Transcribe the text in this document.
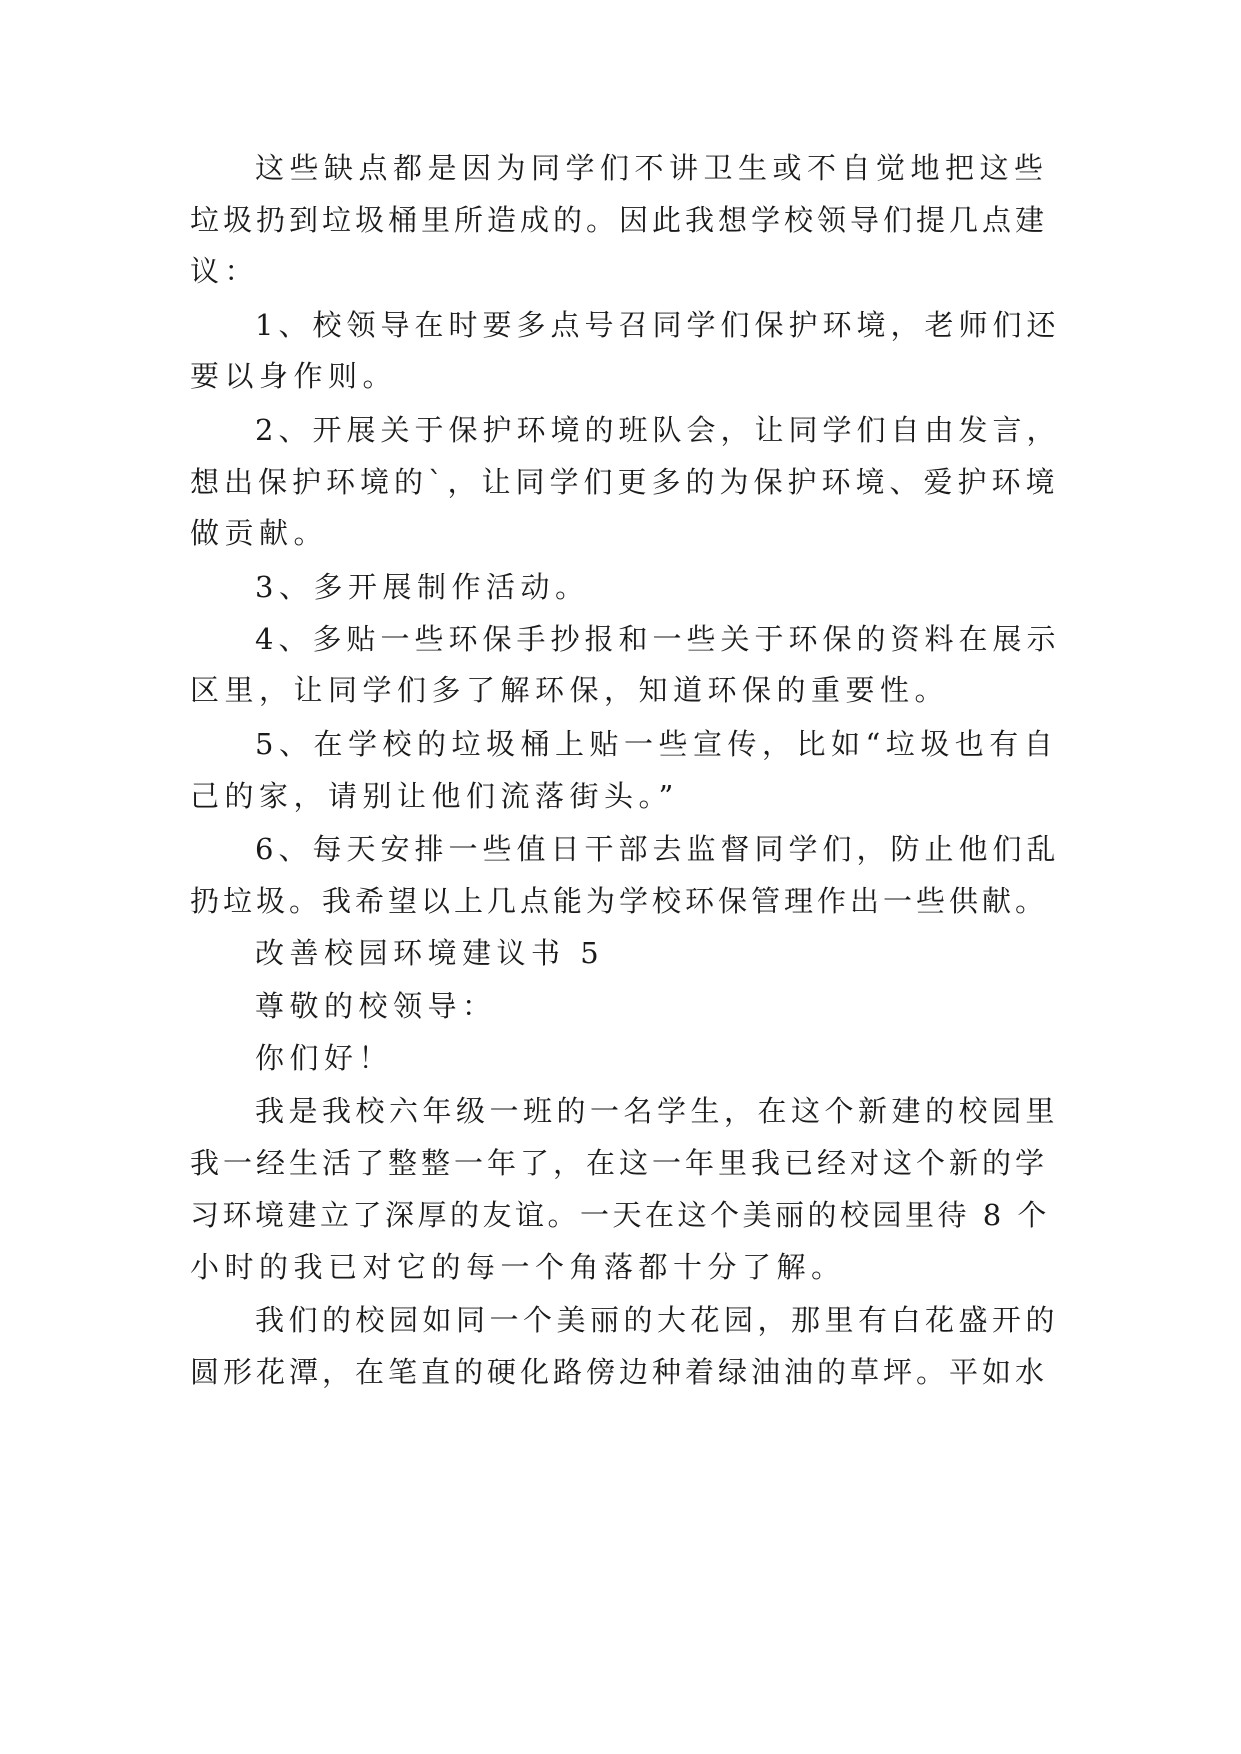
这些缺点都是因为同学们不讲卫生或不自觉地把这些
垃圾扔到垃圾桶里所造成的。因此我想学校领导们提几点建
议：
1、校领导在时要多点号召同学们保护环境，老师们还
要以身作则。
2、开展关于保护环境的班队会，让同学们自由发言，
想出保护环境的`，让同学们更多的为保护环境、爱护环境
做贡献。
3、多开展制作活动。
4、多贴一些环保手抄报和一些关于环保的资料在展示
区里，让同学们多了解环保，知道环保的重要性。
5、在学校的垃圾桶上贴一些宣传，比如“垃圾也有自
己的家，请别让他们流落街头。”
6、每天安排一些值日干部去监督同学们，防止他们乱
扔垃圾。我希望以上几点能为学校环保管理作出一些供献。
改善校园环境建议书 5
尊敬的校领导：
你们好！
我是我校六年级一班的一名学生，在这个新建的校园里
我一经生活了整整一年了，在这一年里我已经对这个新的学
习环境建立了深厚的友谊。一天在这个美丽的校园里待 8 个
小时的我已对它的每一个角落都十分了解。
我们的校园如同一个美丽的大花园，那里有白花盛开的
圆形花潭，在笔直的硬化路傍边种着绿油油的草坪。平如水
